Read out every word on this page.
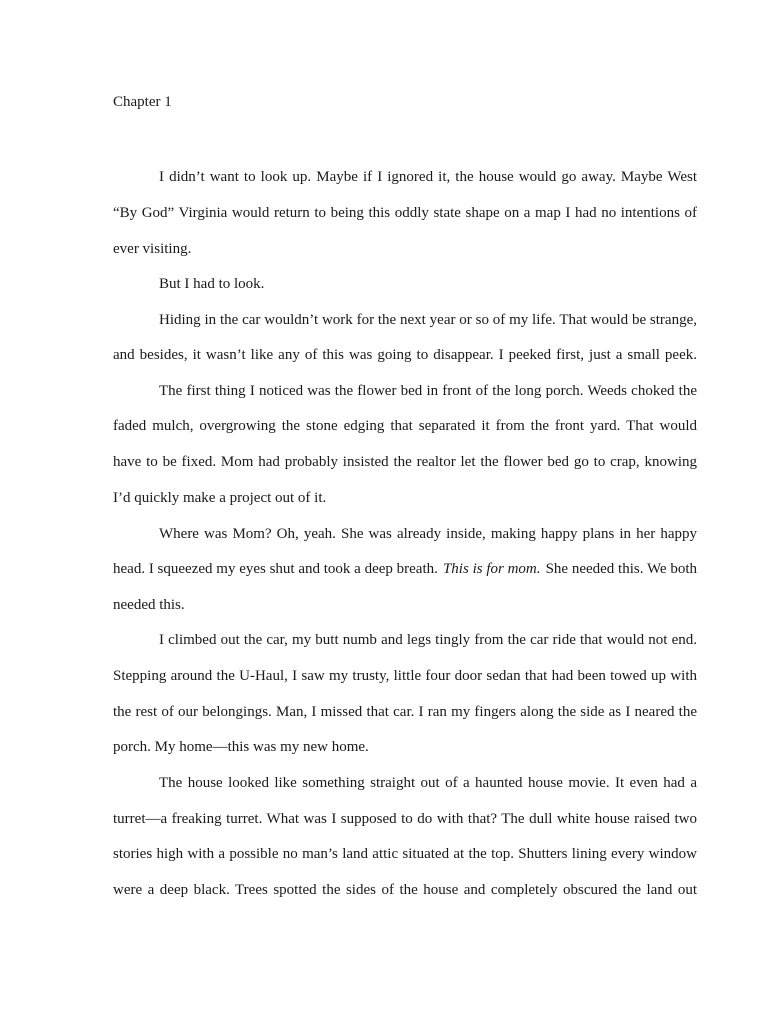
Chapter 1
I didn’t want to look up. Maybe if I ignored it, the house would go away. Maybe West
“By God” Virginia would return to being this oddly state shape on a map I had no intentions of
ever visiting.
But I had to look.
Hiding in the car wouldn’t work for the next year or so of my life. That would be strange,
and besides, it wasn’t like any of this was going to disappear. I peeked first, just a small peek.
The first thing I noticed was the flower bed in front of the long porch. Weeds choked the
faded mulch, overgrowing the stone edging that separated it from the front yard. That would
have to be fixed. Mom had probably insisted the realtor let the flower bed go to crap, knowing
I’d quickly make a project out of it.
Where was Mom? Oh, yeah. She was already inside, making happy plans in her happy
head. I squeezed my eyes shut and took a deep breath. This is for mom. She needed this. We both
needed this.
I climbed out the car, my butt numb and legs tingly from the car ride that would not end.
Stepping around the U-Haul, I saw my trusty, little four door sedan that had been towed up with
the rest of our belongings. Man, I missed that car. I ran my fingers along the side as I neared the
porch. My home—this was my new home.
The house looked like something straight out of a haunted house movie. It even had a
turret—a freaking turret. What was I supposed to do with that? The dull white house raised two
stories high with a possible no man’s land attic situated at the top. Shutters lining every window
were a deep black. Trees spotted the sides of the house and completely obscured the land out
